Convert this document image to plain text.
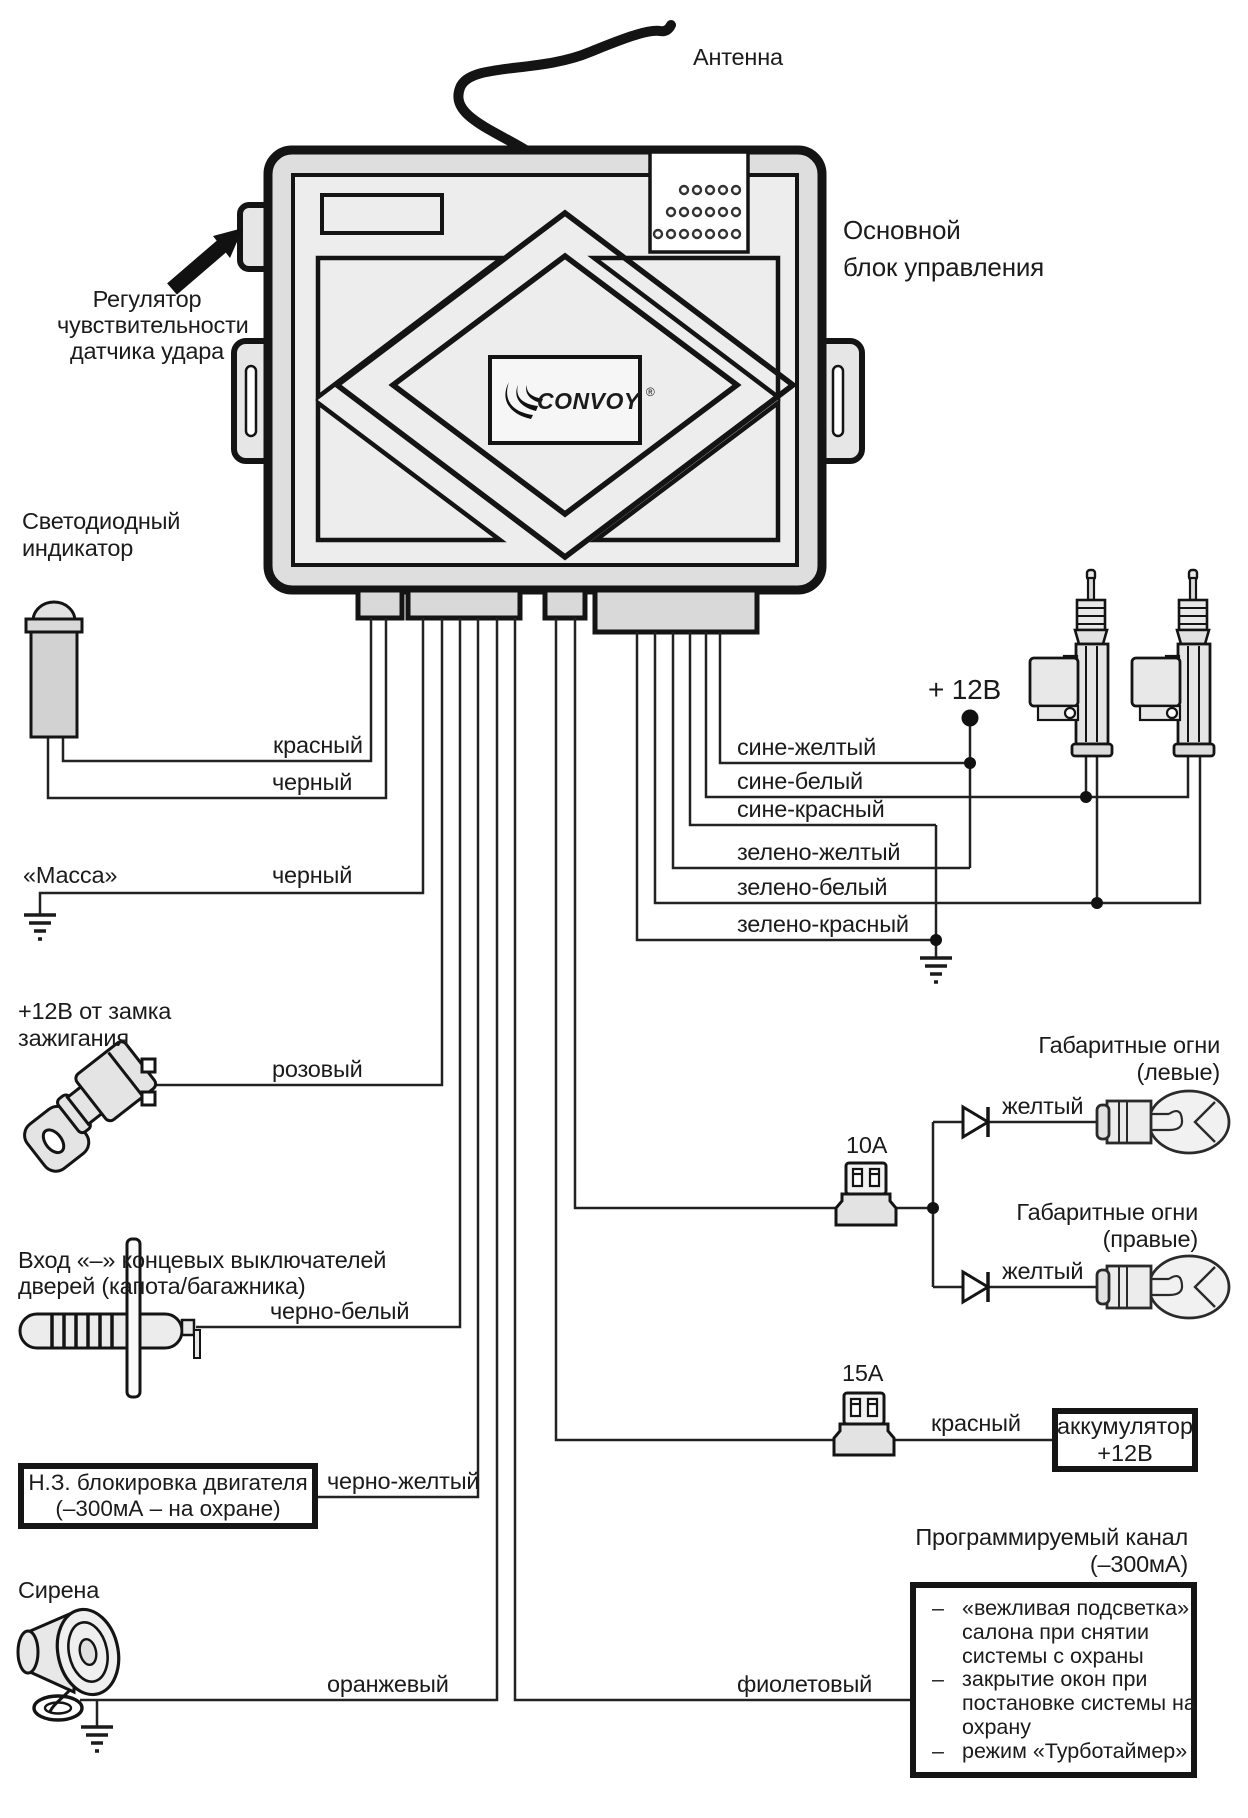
Антенна
Основной
блок управления
CONVOY ®
Регулятор
чувствительности
датчика удара
Светодиодный
индикатор
красный
черный
«Масса»	черный
+12В от замка
зажигания
розовый
Вход «–» концевых выключателей
дверей (капота/багажника)
черно-белый
Н.З. блокировка двигателя
(–300мА – на охране)
черно-желтый
Сирена
оранжевый	фиолетовый
+ 12В
сине-желтый
сине-белый
сине-красный
зелено-желтый
зелено-белый
зелено-красный
Габаритные огни
(левые)
желтый
10А
Габаритные огни
(правые)
желтый
15А
красный аккумулятор
+12В
Программируемый канал
(–300мА)
– «вежливая подсветка»
салона при снятии
системы с охраны
– закрытие окон при
постановке системы на
охрану
– режим «Турботаймер»
